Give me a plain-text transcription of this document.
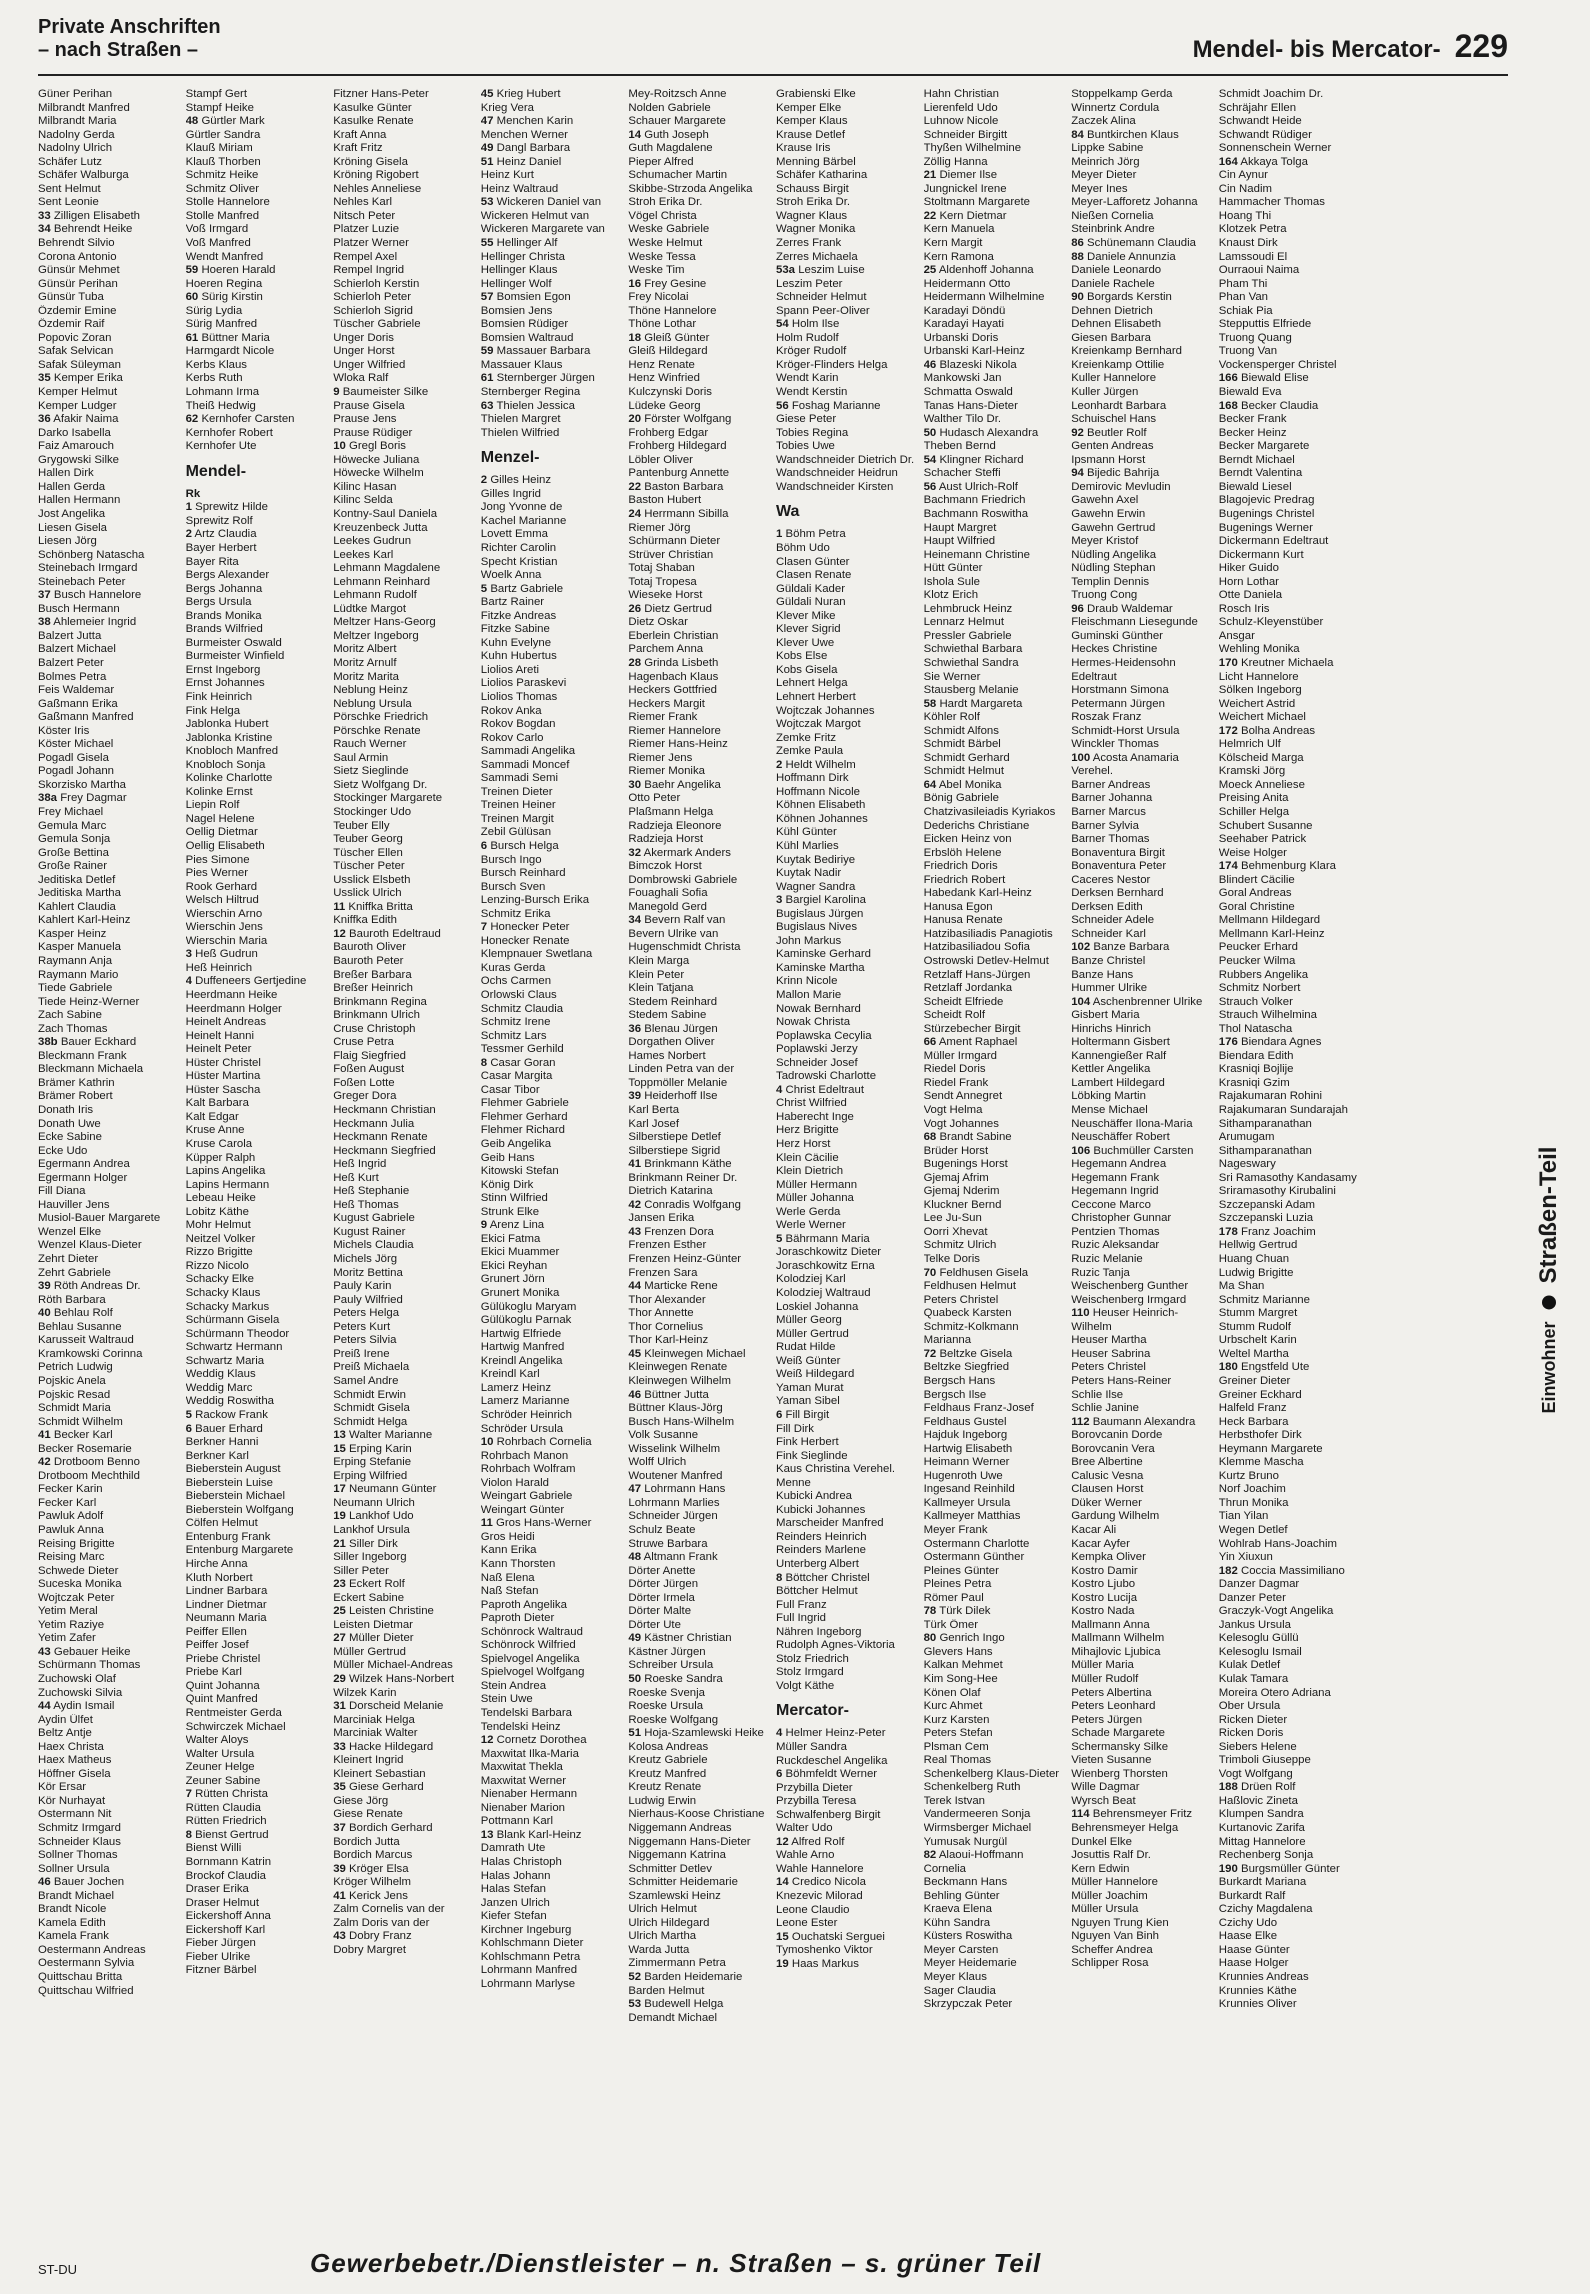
Private Anschriften
– nach Straßen –	Mendel- bis Mercator- 229
Güner Perihan
Milbrandt Manfred
Milbrandt Maria
Nadolny Gerda
Nadolny Ulrich
Schäfer Lutz
Schäfer Walburga
Sent Helmut
Sent Leonie
33 Zilligen Elisabeth
34 Behrendt Heike
Behrendt Silvio
Corona Antonio
Günsür Mehmet
Günsür Perihan
Günsür Tuba
Özdemir Emine
Özdemir Raif
Popovic Zoran
Safak Selvican
Safak Süleyman
35 Kemper Erika
Kemper Helmut
Kemper Ludger
36 Afakir Naima
Darko Isabella
Faiz Amarouch
Grygowski Silke
Hallen Dirk
Hallen Gerda
Hallen Hermann
Jost Angelika
Liesen Gisela
Liesen Jörg
Schönberg Natascha
Steinebach Irmgard
Steinebach Peter
37 Busch Hannelore
Busch Hermann
38 Ahlemeier Ingrid
Balzert Jutta
Balzert Michael
Balzert Peter
Bolmes Petra
Feis Waldemar
Gaßmann Erika
Gaßmann Manfred
Köster Iris
Köster Michael
Pogadl Gisela
Pogadl Johann
Skorzisko Martha
38a Frey Dagmar
Frey Michael
Gemula Marc
Gemula Sonja
Große Bettina
Große Rainer
Jeditiska Detlef
Jeditiska Martha
Kahlert Claudia
Kahlert Karl-Heinz
Kasper Heinz
Kasper Manuela
Raymann Anja
Raymann Mario
Tiede Gabriele
Tiede Heinz-Werner
Zach Sabine
Zach Thomas
38b Bauer Eckhard
Bleckmann Frank
Bleckmann Michaela
Brämer Kathrin
Brämer Robert
Donath Iris
Donath Uwe
Ecke Sabine
Ecke Udo
Egermann Andrea
Egermann Holger
Fill Diana
Hauviller Jens
Musiol-Bauer Margarete
Wenzel Elke
Wenzel Klaus-Dieter
Zehrt Dieter
Zehrt Gabriele
39 Röth Andreas Dr.
Röth Barbara
40 Behlau Rolf
Behlau Susanne
Karusseit Waltraud
Kramkowski Corinna
Petrich Ludwig
Pojskic Anela
Pojskic Resad
Schmidt Maria
Schmidt Wilhelm
41 Becker Karl
Becker Rosemarie
42 Drotboom Benno
Drotboom Mechthild
Fecker Karin
Fecker Karl
Pawluk Adolf
Pawluk Anna
Reising Brigitte
Reising Marc
Schwede Dieter
Suceska Monika
Wojtczak Peter
Yetim Meral
Yetim Raziye
Yetim Zafer
43 Gebauer Heike
Schürmann Thomas
Zuchowski Olaf
Zuchowski Silvia
44 Aydin Ismail
Aydin Ülfet
Beltz Antje
Haex Christa
Haex Matheus
Höffner Gisela
Kör Ersar
Kör Nurhayat
Ostermann Nit
Schmitz Irmgard
Schneider Klaus
Sollner Thomas
Sollner Ursula
46 Bauer Jochen
Brandt Michael
Brandt Nicole
Kamela Edith
Kamela Frank
Oestermann Andreas
Oestermann Sylvia
Quittschau Britta
Quittschau Wilfried
Stampf Gert
Stampf Heike
48 Gürtler Mark
Gürtler Sandra
Klauß Miriam
Klauß Thorben
Schmitz Heike
Schmitz Oliver
Stolle Hannelore
Stolle Manfred
Voß Irmgard
Voß Manfred
Wendt Manfred
59 Hoeren Harald
Hoeren Regina
60 Sürig Kirstin
Sürig Lydia
Sürig Manfred
61 Büttner Maria
Harmgardt Nicole
Kerbs Klaus
Kerbs Ruth
Lohmann Irma
Theiß Hedwig
62 Kernhofer Carsten
Kernhofer Robert
Kernhofer Ute
Mendel-
Rk
1 Sprewitz Hilde
Sprewitz Rolf
2 Artz Claudia
Bayer Herbert
Bayer Rita
Bergs Alexander
Bergs Johanna
Bergs Ursula
Brands Monika
Brands Wilfried
Burmeister Oswald
Burmeister Winfield
Ernst Ingeborg
Ernst Johannes
Fink Heinrich
Fink Helga
Jablonka Hubert
Jablonka Kristine
Knobloch Manfred
Knobloch Sonja
Kolinke Charlotte
Kolinke Ernst
Liepin Rolf
Nagel Helene
Oellig Dietmar
Oellig Elisabeth
Pies Simone
Pies Werner
Rook Gerhard
Welsch Hiltrud
Wierschin Arno
Wierschin Jens
Wierschin Maria
3 Heß Gudrun
Heß Heinrich
4 Duffeneers Gertjedine
Heerdmann Heike
Heerdmann Holger
Heinelt Andreas
Heinelt Hanni
Heinelt Peter
Hüster Christel
Hüster Martina
Hüster Sascha
Kalt Barbara
Kalt Edgar
Kruse Anne
Kruse Carola
Küpper Ralph
Lapins Angelika
Lapins Hermann
Lebeau Heike
Lobitz Käthe
Mohr Helmut
Neitzel Volker
Rizzo Brigitte
Rizzo Nicolo
Schacky Elke
Schacky Klaus
Schacky Markus
Schürmann Gisela
Schürmann Theodor
Schwartz Hermann
Schwartz Maria
Weddig Klaus
Weddig Marc
Weddig Roswitha
5 Rackow Frank
6 Bauer Erhard
Berkner Hanni
Berkner Karl
Bieberstein August
Bieberstein Luise
Bieberstein Michael
Bieberstein Wolfgang
Cölfen Helmut
Entenburg Frank
Entenburg Margarete
Hirche Anna
Kluth Norbert
Lindner Barbara
Lindner Dietmar
Neumann Maria
Peiffer Ellen
Peiffer Josef
Priebe Christel
Priebe Karl
Quint Johanna
Quint Manfred
Rentmeister Gerda
Schwirczek Michael
Walter Aloys
Walter Ursula
Zeuner Helge
Zeuner Sabine
7 Rütten Christa
Rütten Claudia
Rütten Friedrich
8 Bienst Gertrud
Bienst Willi
Bornmann Katrin
Brockof Claudia
Draser Erika
Draser Helmut
Eickershoff Anna
Eickershoff Karl
Fieber Jürgen
Fieber Ulrike
Fitzner Bärbel
Fitzner Hans-Peter
Kasulke Günter
Kasulke Renate
Kraft Anna
Kraft Fritz
Kröning Gisela
Kröning Rigobert
Nehles Anneliese
Nehles Karl
Nitsch Peter
Platzer Luzie
Platzer Werner
Rempel Axel
Rempel Ingrid
Schierloh Kerstin
Schierloh Peter
Schierloh Sigrid
Tüscher Gabriele
Unger Doris
Unger Horst
Unger Wilfried
Wloka Ralf
9 Baumeister Silke
Prause Gisela
Prause Jens
Prause Rüdiger
10 Gregl Boris
Höwecke Juliana
Höwecke Wilhelm
Kilinc Hasan
Kilinc Selda
Kontny-Saul Daniela
Kreuzenbeck Jutta
Leekes Gudrun
Leekes Karl
Lehmann Magdalene
Lehmann Reinhard
Lehmann Rudolf
Lüdtke Margot
Meltzer Hans-Georg
Meltzer Ingeborg
Moritz Albert
Moritz Arnulf
Moritz Marita
Neblung Heinz
Neblung Ursula
Pörschke Friedrich
Pörschke Renate
Rauch Werner
Saul Armin
Sietz Sieglinde
Sietz Wolfgang Dr.
Stockinger Margarete
Stockinger Udo
Teuber Elly
Teuber Georg
Tüscher Ellen
Tüscher Peter
Usslick Elsbeth
Usslick Ulrich
11 Kniffka Britta
Kniffka Edith
12 Bauroth Edeltraud
Bauroth Oliver
Bauroth Peter
Breßer Barbara
Breßer Heinrich
Brinkmann Regina
Brinkmann Ulrich
Cruse Christoph
Cruse Petra
Flaig Siegfried
Foßen August
Foßen Lotte
Greger Dora
Heckmann Christian
Heckmann Julia
Heckmann Renate
Heckmann Siegfried
Heß Ingrid
Heß Kurt
Heß Stephanie
Heß Thomas
Kugust Gabriele
Kugust Rainer
Michels Claudia
Michels Jörg
Moritz Bettina
Pauly Karin
Pauly Wilfried
Peters Helga
Peters Kurt
Peters Silvia
Preiß Irene
Preiß Michaela
Samel Andre
Schmidt Erwin
Schmidt Gisela
Schmidt Helga
13 Walter Marianne
15 Erping Karin
Erping Stefanie
Erping Wilfried
17 Neumann Günter
Neumann Ulrich
19 Lankhof Udo
Lankhof Ursula
21 Siller Dirk
Siller Ingeborg
Siller Peter
23 Eckert Rolf
Eckert Sabine
25 Leisten Christine
Leisten Dietmar
27 Müller Dieter
Müller Gertrud
Müller Michael-Andreas
29 Wilzek Hans-Norbert
Wilzek Karin
31 Dorscheid Melanie
Marciniak Helga
Marciniak Walter
33 Hacke Hildegard
Kleinert Ingrid
Kleinert Sebastian
35 Giese Gerhard
Giese Jörg
Giese Renate
37 Bordich Gerhard
Bordich Jutta
Bordich Marcus
39 Kröger Elsa
Kröger Wilhelm
41 Kerick Jens
Zalm Cornelis van der
Zalm Doris van der
43 Dobry Franz
Dobry Margret
45 Krieg Hubert
Krieg Vera
47 Menchen Karin
Menchen Werner
49 Dangl Barbara
51 Heinz Daniel
Heinz Kurt
Heinz Waltraud
53 Wickeren Daniel van
Wickeren Helmut van
Wickeren Margarete van
55 Hellinger Alf
Hellinger Christa
Hellinger Klaus
Hellinger Wolf
57 Bomsien Egon
Bomsien Jens
Bomsien Rüdiger
Bomsien Waltraud
59 Massauer Barbara
Massauer Klaus
61 Sternberger Jürgen
Sternberger Regina
63 Thielen Jessica
Thielen Margret
Thielen Wilfried
Menzel-
2 Gilles Heinz
Gilles Ingrid
Jong Yvonne de
Kachel Marianne
Lovett Emma
Richter Carolin
Specht Kristian
Woelk Anna
5 Bartz Gabriele
Bartz Rainer
Fitzke Andreas
Fitzke Sabine
Kuhn Evelyne
Kuhn Hubertus
Liolios Areti
Liolios Paraskevi
Liolios Thomas
Rokov Anka
Rokov Bogdan
Rokov Carlo
Sammadi Angelika
Sammadi Moncef
Sammadi Semi
Treinen Dieter
Treinen Heiner
Treinen Margit
Zebil Gülüsan
6 Bursch Helga
Bursch Ingo
Bursch Reinhard
Bursch Sven
Lenzing-Bursch Erika
Schmitz Erika
7 Honecker Peter
Honecker Renate
Klempnauer Swetlana
Kuras Gerda
Ochs Carmen
Orlowski Claus
Schmitz Claudia
Schmitz Irene
Schmitz Lars
Tessmer Gerhild
8 Casar Goran
Casar Margita
Casar Tibor
Flehmer Gabriele
Flehmer Gerhard
Flehmer Richard
Geib Angelika
Geib Hans
Kitowski Stefan
König Dirk
Stinn Wilfried
Strunk Elke
9 Arenz Lina
Ekici Fatma
Ekici Muammer
Ekici Reyhan
Grunert Jörn
Grunert Monika
Gülükoglu Maryam
Gülükoglu Parnak
Hartwig Elfriede
Hartwig Manfred
Kreindl Angelika
Kreindl Karl
Lamerz Heinz
Lamerz Marianne
Schröder Heinrich
Schröder Ursula
10 Rohrbach Cornelia
Rohrbach Manon
Rohrbach Wolfram
Violon Harald
Weingart Gabriele
Weingart Günter
11 Gros Hans-Werner
Gros Heidi
Kann Erika
Kann Thorsten
Naß Elena
Naß Stefan
Paproth Angelika
Paproth Dieter
Schönrock Waltraud
Schönrock Wilfried
Spielvogel Angelika
Spielvogel Wolfgang
Stein Andrea
Stein Uwe
Tendelski Barbara
Tendelski Heinz
12 Cornetz Dorothea
Maxwitat Ilka-Maria
Maxwitat Thekla
Maxwitat Werner
Nienaber Hermann
Nienaber Marion
Pottmann Karl
13 Blank Karl-Heinz
Damrath Ute
Halas Christoph
Halas Johann
Halas Stefan
Janzen Ulrich
Kiefer Stefan
Kirchner Ingeburg
Kohlschmann Dieter
Kohlschmann Petra
Lohrmann Manfred
Lohrmann Marlyse
Mey-Roitzsch Anne
Nolden Gabriele
Schauer Margarete
14 Guth Joseph
Guth Magdalene
Pieper Alfred
Schumacher Martin
Skibbe-Strzoda Angelika
Stroh Erika Dr.
Vögel Christa
Weske Gabriele
Weske Helmut
Weske Tessa
Weske Tim
16 Frey Gesine
Frey Nicolai
Thöne Hannelore
Thöne Lothar
18 Gleiß Günter
Gleiß Hildegard
Henz Renate
Henz Winfried
Kulczynski Doris
Lüdeke Georg
20 Förster Wolfgang
Frohberg Edgar
Frohberg Hildegard
Löbler Oliver
Pantenburg Annette
22 Baston Barbara
Baston Hubert
24 Herrmann Sibilla
Riemer Jörg
Schürmann Dieter
Strüver Christian
Totaj Shaban
Totaj Tropesa
Wieseke Horst
26 Dietz Gertrud
Dietz Oskar
Eberlein Christian
Parchem Anna
28 Grinda Lisbeth
Hagenbach Klaus
Heckers Gottfried
Heckers Margit
Riemer Frank
Riemer Hannelore
Riemer Hans-Heinz
Riemer Jens
Riemer Monika
30 Baehr Angelika
Otto Peter
Plaßmann Helga
Radzieja Eleonore
Radzieja Horst
32 Akermark Anders
Bimczok Horst
Dombrowski Gabriele
Fouaghali Sofia
Manegold Gerd
34 Bevern Ralf van
Bevern Ulrike van
Hugenschmidt Christa
Klein Marga
Klein Peter
Klein Tatjana
Stedem Reinhard
Stedem Sabine
36 Blenau Jürgen
Dorgathen Oliver
Hames Norbert
Linden Petra van der
Toppmöller Melanie
39 Heiderhoff Ilse
Karl Berta
Karl Josef
Silberstiepe Detlef
Silberstiepe Sigrid
41 Brinkmann Käthe
Brinkmann Reiner Dr.
Dietrich Katarina
42 Conradis Wolfgang
Jansen Erika
43 Frenzen Dora
Frenzen Esther
Frenzen Heinz-Günter
Frenzen Sara
44 Marticke Rene
Thor Alexander
Thor Annette
Thor Cornelius
Thor Karl-Heinz
45 Kleinwegen Michael
Kleinwegen Renate
Kleinwegen Wilhelm
46 Büttner Jutta
Büttner Klaus-Jörg
Busch Hans-Wilhelm
Volk Susanne
Wisselink Wilhelm
Wolff Ulrich
Woutener Manfred
47 Lohrmann Hans
Lohrmann Marlies
Schneider Jürgen
Schulz Beate
Struwe Barbara
48 Altmann Frank
Dörter Anette
Dörter Jürgen
Dörter Irmela
Dörter Malte
Dörter Ute
49 Kästner Christian
Kästner Jürgen
Schreiber Ursula
50 Roeske Sandra
Roeske Svenja
Roeske Ursula
Roeske Wolfgang
51 Hoja-Szamlewski Heike
Kolosa Andreas
Kreutz Gabriele
Kreutz Manfred
Kreutz Renate
Ludwig Erwin
Nierhaus-Koose Christiane
Niggemann Andreas
Niggemann Hans-Dieter
Niggemann Katrina
Schmitter Detlev
Schmitter Heidemarie
Szamlewski Heinz
Ulrich Helmut
Ulrich Hildegard
Ulrich Martha
Warda Jutta
Zimmermann Petra
52 Barden Heidemarie
Barden Helmut
53 Budewell Helga
Demandt Michael
Grabienski Elke
Kemper Elke
Kemper Klaus
Krause Detlef
Krause Iris
Menning Bärbel
Schäfer Katharina
Schauss Birgit
Stroh Erika Dr.
Wagner Klaus
Wagner Monika
Zerres Frank
Zerres Michaela
53a Leszim Luise
Leszim Peter
Schneider Helmut
Spann Peer-Oliver
54 Holm Ilse
Holm Rudolf
Kröger Rudolf
Kröger-Flinders Helga
Wendt Karin
Wendt Kerstin
56 Foshag Marianne
Giese Peter
Tobies Regina
Tobies Uwe
Wandschneider Dietrich Dr.
Wandschneider Heidrun
Wandschneider Kirsten
Wa
1 Böhm Petra
Böhm Udo
Clasen Günter
Clasen Renate
Güldali Kader
Güldali Nuran
Klever Mike
Klever Sigrid
Klever Uwe
Kobs Else
Kobs Gisela
Lehnert Helga
Lehnert Herbert
Wojtczak Johannes
Wojtczak Margot
Zemke Fritz
Zemke Paula
2 Heldt Wilhelm
Hoffmann Dirk
Hoffmann Nicole
Köhnen Elisabeth
Köhnen Johannes
Kühl Günter
Kühl Marlies
Kuytak Bediriye
Kuytak Nadir
Wagner Sandra
3 Bargiel Karolina
Bugislaus Jürgen
Bugislaus Nives
John Markus
Kaminske Gerhard
Kaminske Martha
Krinn Nicole
Mallon Marie
Nowak Bernhard
Nowak Christa
Poplawska Cecylia
Poplawski Jerzy
Schneider Josef
Tadrowski Charlotte
4 Christ Edeltraut
Christ Wilfried
Haberecht Inge
Herz Brigitte
Herz Horst
Klein Cäcilie
Klein Dietrich
Müller Hermann
Müller Johanna
Werle Gerda
Werle Werner
5 Bährmann Maria
Joraschkowitz Dieter
Joraschkowitz Erna
Kolodziej Karl
Kolodziej Waltraud
Loskiel Johanna
Müller Georg
Müller Gertrud
Rudat Hilde
Weiß Günter
Weiß Hildegard
Yaman Murat
Yaman Sibel
6 Fill Birgit
Fill Dirk
Fink Herbert
Fink Sieglinde
Kaus Christina Verehel.
Menne
Kubicki Andrea
Kubicki Johannes
Marscheider Manfred
Reinders Heinrich
Reinders Marlene
Unterberg Albert
8 Böttcher Christel
Böttcher Helmut
Full Franz
Full Ingrid
Nähren Ingeborg
Rudolph Agnes-Viktoria
Stolz Friedrich
Stolz Irmgard
Volgt Käthe
Mercator-
4 Helmer Heinz-Peter
Müller Sandra
Ruckdeschel Angelika
6 Böhmfeldt Werner
Przybilla Dieter
Przybilla Teresa
Schwalfenberg Birgit
Walter Udo
12 Alfred Rolf
Wahle Arno
Wahle Hannelore
14 Credico Nicola
Knezevic Milorad
Leone Claudio
Leone Ester
15 Ouchatski Serguei
Tymoshenko Viktor
19 Haas Markus
Hahn Christian
Lierenfeld Udo
Luhnow Nicole
Schneider Birgitt
Thyßen Wilhelmine
Zöllig Hanna
21 Diemer Ilse
Jungnickel Irene
Stoltmann Margarete
22 Kern Dietmar
Kern Manuela
Kern Margit
Kern Ramona
25 Aldenhoff Johanna
Heidermann Otto
Heidermann Wilhelmine
Karadayi Döndü
Karadayi Hayati
Urbanski Doris
Urbanski Karl-Heinz
46 Blazeski Nikola
Mankowski Jan
Schmatta Oswald
Tanas Hans-Dieter
Walther Tilo Dr.
50 Hudasch Alexandra
Theben Bernd
54 Klingner Richard
Schacher Steffi
56 Aust Ulrich-Rolf
Bachmann Friedrich
Bachmann Roswitha
Haupt Margret
Haupt Wilfried
Heinemann Christine
Hütt Günter
Ishola Sule
Klotz Erich
Lehmbruck Heinz
Lennarz Helmut
Pressler Gabriele
Schwiethal Barbara
Schwiethal Sandra
Sie Werner
Stausberg Melanie
58 Hardt Margareta
Köhler Rolf
Schmidt Alfons
Schmidt Bärbel
Schmidt Gerhard
Schmidt Helmut
64 Abel Monika
Bönig Gabriele
Chatzivasileiadis Kyriakos
Dederichs Christiane
Eicken Heinz von
Erbslöh Helene
Friedrich Doris
Friedrich Robert
Habedank Karl-Heinz
Hanusa Egon
Hanusa Renate
Hatzibasiliadis Panagiotis
Hatzibasiliadou Sofia
Ostrowski Detlev-Helmut
Retzlaff Hans-Jürgen
Retzlaff Jordanka
Scheidt Elfriede
Scheidt Rolf
Stürzebecher Birgit
66 Ament Raphael
Müller Irmgard
Riedel Doris
Riedel Frank
Sendt Annegret
Vogt Helma
Vogt Johannes
68 Brandt Sabine
Brüder Horst
Bugenings Horst
Gjemaj Afrim
Gjemaj Nderim
Kluckner Bernd
Lee Ju-Sun
Oorri Xhevat
Schmitz Ulrich
Telke Doris
70 Feldhusen Gisela
Feldhusen Helmut
Peters Christel
Quabeck Karsten
Schmitz-Kolkmann
Marianna
72 Beltzke Gisela
Beltzke Siegfried
Bergsch Hans
Bergsch Ilse
Feldhaus Franz-Josef
Feldhaus Gustel
Hajduk Ingeborg
Hartwig Elisabeth
Heimann Werner
Hugenroth Uwe
Ingesand Reinhild
Kallmeyer Ursula
Kallmeyer Matthias
Meyer Frank
Ostermann Charlotte
Ostermann Günther
Pleines Günter
Pleines Petra
Römer Paul
78 Türk Dilek
Türk Ömer
80 Genrich Ingo
Glevers Hans
Kalkan Mehmet
Kim Song-Hee
Könen Olaf
Kurc Ahmet
Kurz Karsten
Peters Stefan
Plsman Cem
Real Thomas
Schenkelberg Klaus-Dieter
Schenkelberg Ruth
Terek Istvan
Vandermeeren Sonja
Wirmsberger Michael
Yumusak Nurgül
82 Alaoui-Hoffmann
Cornelia
Beckmann Hans
Behling Günter
Kraeva Elena
Kühn Sandra
Küsters Roswitha
Meyer Carsten
Meyer Heidemarie
Meyer Klaus
Sager Claudia
Skrzypczak Peter
Stoppelkamp Gerda
Winnertz Cordula
Zaczek Alina
84 Buntkirchen Klaus
Lippke Sabine
Meinrich Jörg
Meyer Dieter
Meyer Ines
Meyer-Lafforetz Johanna
Nießen Cornelia
Steinbrink Andre
86 Schünemann Claudia
88 Daniele Annunzia
Daniele Leonardo
Daniele Rachele
90 Borgards Kerstin
Dehnen Dietrich
Dehnen Elisabeth
Giesen Barbara
Kreienkamp Bernhard
Kreienkamp Ottilie
Kuller Hannelore
Kuller Jürgen
Leonhardt Barbara
Schuischel Hans
92 Beutler Rolf
Genten Andreas
Ipsmann Horst
94 Bijedic Bahrija
Demirovic Mevludin
Gawehn Axel
Gawehn Erwin
Gawehn Gertrud
Meyer Kristof
Nüdling Angelika
Nüdling Stephan
Templin Dennis
Truong Cong
96 Draub Waldemar
Fleischmann Liesegunde
Guminski Günther
Heckes Christine
Hermes-Heidensohn
Edeltraut
Horstmann Simona
Petermann Jürgen
Roszak Franz
Schmidt-Horst Ursula
Winckler Thomas
100 Acosta Anamaria
Verehel.
Barner Andreas
Barner Johanna
Barner Marcus
Barner Sylvia
Barner Thomas
Bonaventura Birgit
Bonaventura Peter
Caceres Nestor
Derksen Bernhard
Derksen Edith
Schneider Adele
Schneider Karl
102 Banze Barbara
Banze Christel
Banze Hans
Hummer Ulrike
104 Aschenbrenner Ulrike
Gisbert Maria
Hinrichs Hinrich
Holtermann Gisbert
Kannengießer Ralf
Kettler Angelika
Lambert Hildegard
Löbking Martin
Mense Michael
Neuschäffer Ilona-Maria
Neuschäffer Robert
106 Buchmüller Carsten
Hegemann Andrea
Hegemann Frank
Hegemann Ingrid
Ceccone Marco
Christopher Gunnar
Pentzien Thomas
Ruzic Aleksandar
Ruzic Melanie
Ruzic Tanja
Weischenberg Gunther
Weischenberg Irmgard
110 Heuser Heinrich-
Wilhelm
Heuser Martha
Heuser Sabrina
Peters Christel
Peters Hans-Reiner
Schlie Ilse
Schlie Janine
112 Baumann Alexandra
Borovcanin Dorde
Borovcanin Vera
Bree Albertine
Calusic Vesna
Clausen Horst
Düker Werner
Gardung Wilhelm
Kacar Ali
Kacar Ayfer
Kempka Oliver
Kostro Damir
Kostro Ljubo
Kostro Lucija
Kostro Nada
Mallmann Anna
Mallmann Wilhelm
Mihajlovic Ljubica
Müller Maria
Müller Rudolf
Peters Albertina
Peters Leonhard
Peters Jürgen
Schade Margarete
Schermansky Silke
Vieten Susanne
Wienberg Thorsten
Wille Dagmar
Wyrsch Beat
114 Behrensmeyer Fritz
Behrensmeyer Helga
Dunkel Elke
Josuttis Ralf Dr.
Kern Edwin
Müller Hannelore
Müller Joachim
Müller Ursula
Nguyen Trung Kien
Nguyen Van Binh
Scheffer Andrea
Schlipper Rosa
Schmidt Joachim Dr.
Schräjahr Ellen
Schwandt Heide
Schwandt Rüdiger
Sonnenschein Werner
164 Akkaya Tolga
Cin Aynur
Cin Nadim
Hammacher Thomas
Hoang Thi
Klotzek Petra
Knaust Dirk
Lamssoudi El
Ourraoui Naima
Pham Thi
Phan Van
Schiak Pia
Stepputtis Elfriede
Truong Quang
Truong Van
Vockensperger Christel
166 Biewald Elise
Biewald Eva
168 Becker Claudia
Becker Frank
Becker Heinz
Becker Margarete
Berndt Michael
Berndt Valentina
Biewald Liesel
Blagojevic Predrag
Bugenings Christel
Bugenings Werner
Dickermann Edeltraut
Dickermann Kurt
Hiker Guido
Horn Lothar
Otte Daniela
Rosch Iris
Schulz-Kleyenstüber
Ansgar
Wehling Monika
170 Kreutner Michaela
Licht Hannelore
Sölken Ingeborg
Weichert Astrid
Weichert Michael
172 Bolha Andreas
Helmrich Ulf
Kölscheid Marga
Kramski Jörg
Moeck Anneliese
Preising Anita
Schiller Helga
Schubert Susanne
Seehaber Patrick
Weise Holger
174 Behmenburg Klara
Blindert Cäcilie
Goral Andreas
Goral Christine
Mellmann Hildegard
Mellmann Karl-Heinz
Peucker Erhard
Peucker Wilma
Rubbers Angelika
Schmitz Norbert
Strauch Volker
Strauch Wilhelmina
Thol Natascha
176 Biendara Agnes
Biendara Edith
Krasniqi Bojlije
Krasniqi Gzim
Rajakumaran Rohini
Rajakumaran Sundarajah
Sithamparanathan
Arumugam
Sithamparanathan
Nageswary
Sri Ramasothy Kandasamy
Sriramasothy Kirubalini
Szczepanski Adam
Szczepanski Luzia
178 Franz Joachim
Hellwig Gertrud
Huang Chuan
Ludwig Brigitte
Ma Shan
Schmitz Marianne
Stumm Margret
Stumm Rudolf
Urbschelt Karin
Weltel Martha
180 Engstfeld Ute
Greiner Dieter
Greiner Eckhard
Halfeld Franz
Heck Barbara
Herbsthofer Dirk
Heymann Margarete
Klemme Mascha
Kurtz Bruno
Norf Joachim
Thrun Monika
Tian Yilan
Wegen Detlef
Wohlrab Hans-Joachim
Yin Xiuxun
182 Coccia Massimiliano
Danzer Dagmar
Danzer Peter
Graczyk-Vogt Angelika
Jankus Ursula
Kelesoglu Güllü
Kelesoglu Ismail
Kulak Detlef
Kulak Tamara
Moreira Otero Adriana
Ober Ursula
Ricken Dieter
Ricken Doris
Siebers Helene
Trimboli Giuseppe
Vogt Wolfgang
188 Drüen Rolf
Haßlovic Zineta
Klumpen Sandra
Kurtanovic Zarifa
Mittag Hannelore
Rechenberg Sonja
190 Burgsmüller Günter
Burkardt Mariana
Burkardt Ralf
Czichy Magdalena
Czichy Udo
Haase Elke
Haase Günter
Haase Holger
Krunnies Andreas
Krunnies Käthe
Krunnies Oliver
Einwohner
Straßen-Teil
ST-DU	Gewerbebetr./Dienstleister – n. Straßen – s. grüner Teil
